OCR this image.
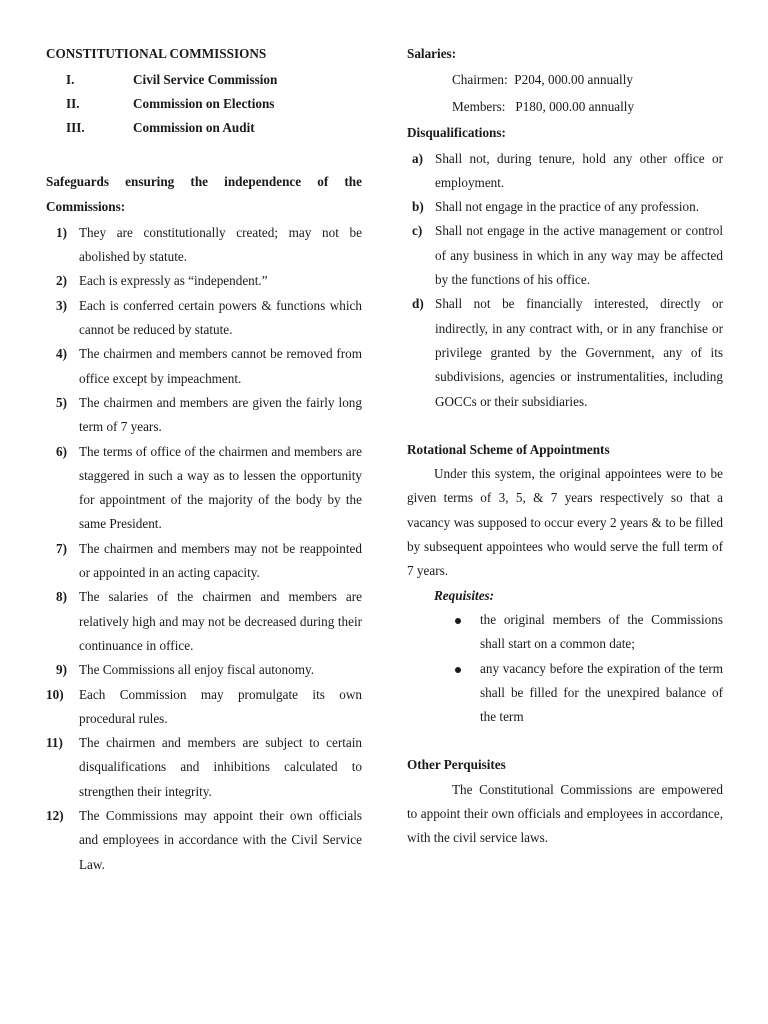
CONSTITUTIONAL COMMISSIONS
I.	Civil Service Commission
II.	Commission on Elections
III.	Commission on Audit
Safeguards ensuring the independence of the Commissions:
1) They are constitutionally created; may not be abolished by statute.
2) Each is expressly as “independent.”
3) Each is conferred certain powers & functions which cannot be reduced by statute.
4) The chairmen and members cannot be removed from office except by impeachment.
5) The chairmen and members are given the fairly long term of 7 years.
6) The terms of office of the chairmen and members are staggered in such a way as to lessen the opportunity for appointment of the majority of the body by the same President.
7) The chairmen and members may not be reappointed or appointed in an acting capacity.
8) The salaries of the chairmen and members are relatively high and may not be decreased during their continuance in office.
9) The Commissions all enjoy fiscal autonomy.
10) Each Commission may promulgate its own procedural rules.
11) The chairmen and members are subject to certain disqualifications and inhibitions calculated to strengthen their integrity.
12) The Commissions may appoint their own officials and employees in accordance with the Civil Service Law.
Salaries:
Chairmen: P204, 000.00 annually
Members: P180, 000.00 annually
Disqualifications:
a) Shall not, during tenure, hold any other office or employment.
b) Shall not engage in the practice of any profession.
c) Shall not engage in the active management or control of any business in which in any way may be affected by the functions of his office.
d) Shall not be financially interested, directly or indirectly, in any contract with, or in any franchise or privilege granted by the Government, any of its subdivisions, agencies or instrumentalities, including GOCCs or their subsidiaries.
Rotational Scheme of Appointments
Under this system, the original appointees were to be given terms of 3, 5, & 7 years respectively so that a vacancy was supposed to occur every 2 years & to be filled by subsequent appointees who would serve the full term of 7 years.
Requisites:
the original members of the Commissions shall start on a common date;
any vacancy before the expiration of the term shall be filled for the unexpired balance of the term
Other Perquisites
The Constitutional Commissions are empowered to appoint their own officials and employees in accordance, with the civil service laws.
